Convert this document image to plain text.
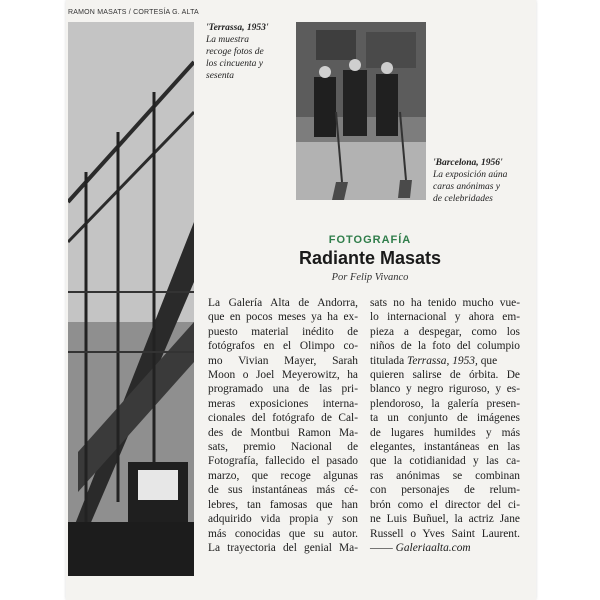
RAMON MASATS / CORTESÍA G. ALTA
'Terrassa, 1953'
La muestra
recoge fotos de
los cincuenta y
sesenta
'Barcelona, 1956'
La exposición aúna
caras anónimas y
de celebridades
FOTOGRAFÍA
Radiante Masats
Por Felip Vivanco
La Galería Alta de Andorra,
que en pocos meses ya ha ex-
puesto material inédito de
fotógrafos en el Olimpo co-
mo Vivian Mayer, Sarah
Moon o Joel Meyerowitz, ha
programado una de las pri-
meras exposiciones interna-
cionales del fotógrafo de Cal-
des de Montbui Ramon Ma-
sats, premio Nacional de
Fotografía, fallecido el pasado
marzo, que recoge algunas
de sus instantáneas más cé-
lebres, tan famosas que han
adquirido vida propia y son
más conocidas que su autor.
La trayectoria del genial Ma-
sats no ha tenido mucho vue-
lo internacional y ahora em-
pieza a despegar, como los
niños de la foto del columpio
titulada Terrassa, 1953, que
quieren salirse de órbita. De
blanco y negro riguroso, y es-
plendoroso, la galería presen-
ta un conjunto de imágenes
de lugares humildes y más
elegantes, instantáneas en las
que la cotidianidad y las ca-
ras anónimas se combinan
con personajes de relum-
brón como el director del ci-
ne Luis Buñuel, la actriz Jane
Russell o Yves Saint Laurent.
—— Galeriaalta.com
